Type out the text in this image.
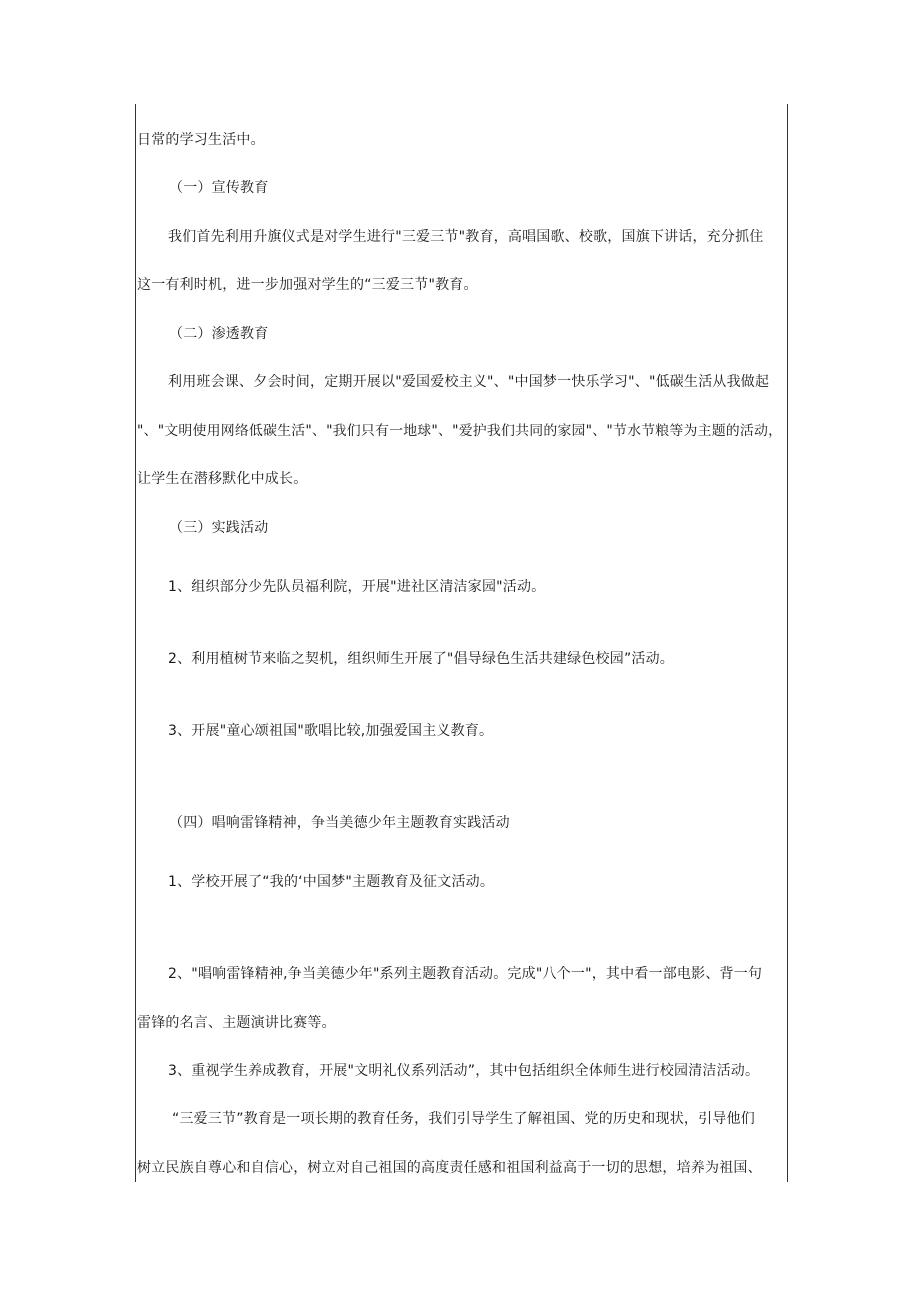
日常的学习生活中。
（一）宣传教育
我们首先利用升旗仪式是对学生进行"三爱三节"教育，高唱国歌、校歌，国旗下讲话，充分抓住
这一有利时机，进一步加强对学生的“三爱三节"教育。
（二）渗透教育
利用班会课、夕会时间，定期开展以"爱国爱校主义"、"中国梦一快乐学习"、"低碳生活从我做起
"、"文明使用网络低碳生活"、"我们只有一地球"、"爱护我们共同的家园"、"节水节粮等为主题的活动，
让学生在潜移默化中成长。
（三）实践活动
1、组织部分少先队员福利院，开展"进社区清洁家园"活动。
2、利用植树节来临之契机，组织师生开展了"倡导绿色生活共建绿色校园”活动。
3、开展"童心颂祖国"歌唱比较,加强爱国主义教育。
（四）唱响雷锋精神，争当美德少年主题教育实践活动
1、学校开展了“我的‘中国梦"主题教育及征文活动。
2、"唱响雷锋精神,争当美德少年"系列主题教育活动。完成"八个一"，其中看一部电影、背一句
雷锋的名言、主题演讲比赛等。
3、重视学生养成教育，开展"文明礼仪系列活动”，其中包括组织全体师生进行校园清洁活动。
“三爱三节”教育是一项长期的教育任务，我们引导学生了解祖国、党的历史和现状，引导他们
树立民族自尊心和自信心，树立对自己祖国的高度责任感和祖国利益高于一切的思想，培养为祖国、
